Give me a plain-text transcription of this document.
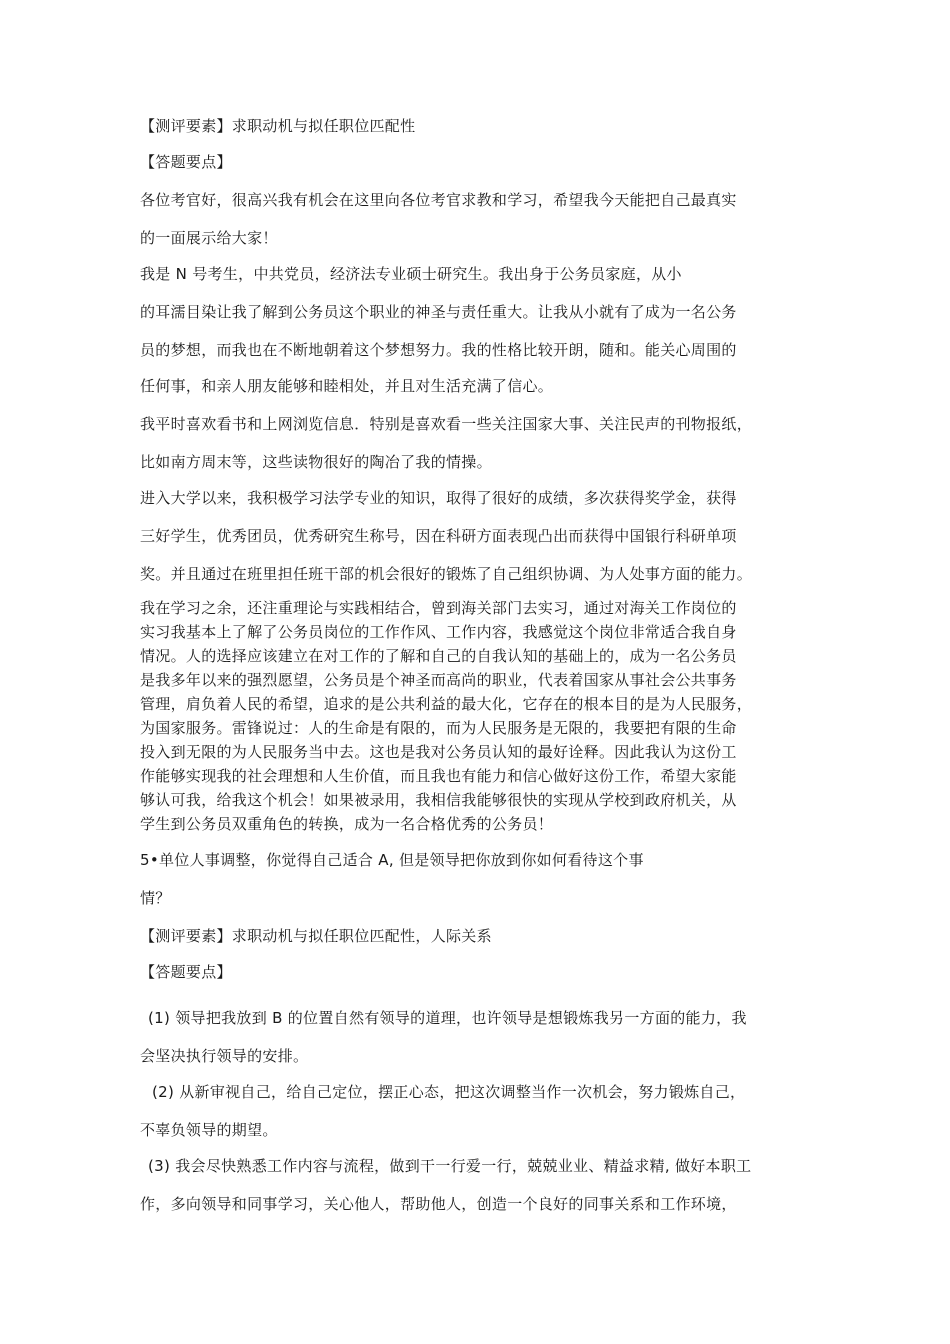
【测评要素】求职动机与拟任职位匹配性
【答题要点】
各位考官好，很高兴我有机会在这里向各位考官求教和学习，希望我今天能把自己最真实
的一面展示给大家！
我是 N 号考生，中共党员，经济法专业硕士研究生。我出身于公务员家庭，从小
的耳濡目染让我了解到公务员这个职业的神圣与责任重大。让我从小就有了成为一名公务
员的梦想，而我也在不断地朝着这个梦想努力。我的性格比较开朗，随和。能关心周围的
任何事，和亲人朋友能够和睦相处，并且对生活充满了信心。
我平时喜欢看书和上网浏览信息．特别是喜欢看一些关注国家大事、关注民声的刊物报纸，
比如南方周末等，这些读物很好的陶冶了我的情操。
进入大学以来，我积极学习法学专业的知识，取得了很好的成绩，多次获得奖学金，获得
三好学生，优秀团员，优秀研究生称号，因在科研方面表现凸出而获得中国银行科研单项
奖。并且通过在班里担任班干部的机会很好的锻炼了自己组织协调、为人处事方面的能力。
我在学习之余，还注重理论与实践相结合，曾到海关部门去实习，通过对海关工作岗位的
实习我基本上了解了公务员岗位的工作作风、工作内容，我感觉这个岗位非常适合我自身
情况。人的选择应该建立在对工作的了解和自己的自我认知的基础上的，成为一名公务员
是我多年以来的强烈愿望，公务员是个神圣而高尚的职业，代表着国家从事社会公共事务
管理，肩负着人民的希望，追求的是公共利益的最大化，它存在的根本目的是为人民服务，
为国家服务。雷锋说过：人的生命是有限的，而为人民服务是无限的，我要把有限的生命
投入到无限的为人民服务当中去。这也是我对公务员认知的最好诠释。因此我认为这份工
作能够实现我的社会理想和人生价值，而且我也有能力和信心做好这份工作，希望大家能
够认可我，给我这个机会！如果被录用，我相信我能够很快的实现从学校到政府机关，从
学生到公务员双重角色的转换，成为一名合格优秀的公务员！
5•单位人事调整，你觉得自己适合 A, 但是领导把你放到你如何看待这个事
情？
【测评要素】求职动机与拟任职位匹配性，人际关系
【答题要点】
(1) 领导把我放到 B 的位置自然有领导的道理，也许领导是想锻炼我另一方面的能力，我
会坚决执行领导的安排。
(2) 从新审视自己，给自己定位，摆正心态，把这次调整当作一次机会，努力锻炼自己，
不辜负领导的期望。
(3) 我会尽快熟悉工作内容与流程，做到干一行爱一行，兢兢业业、精益求精, 做好本职工
作，多向领导和同事学习，关心他人，帮助他人，创造一个良好的同事关系和工作环境，
